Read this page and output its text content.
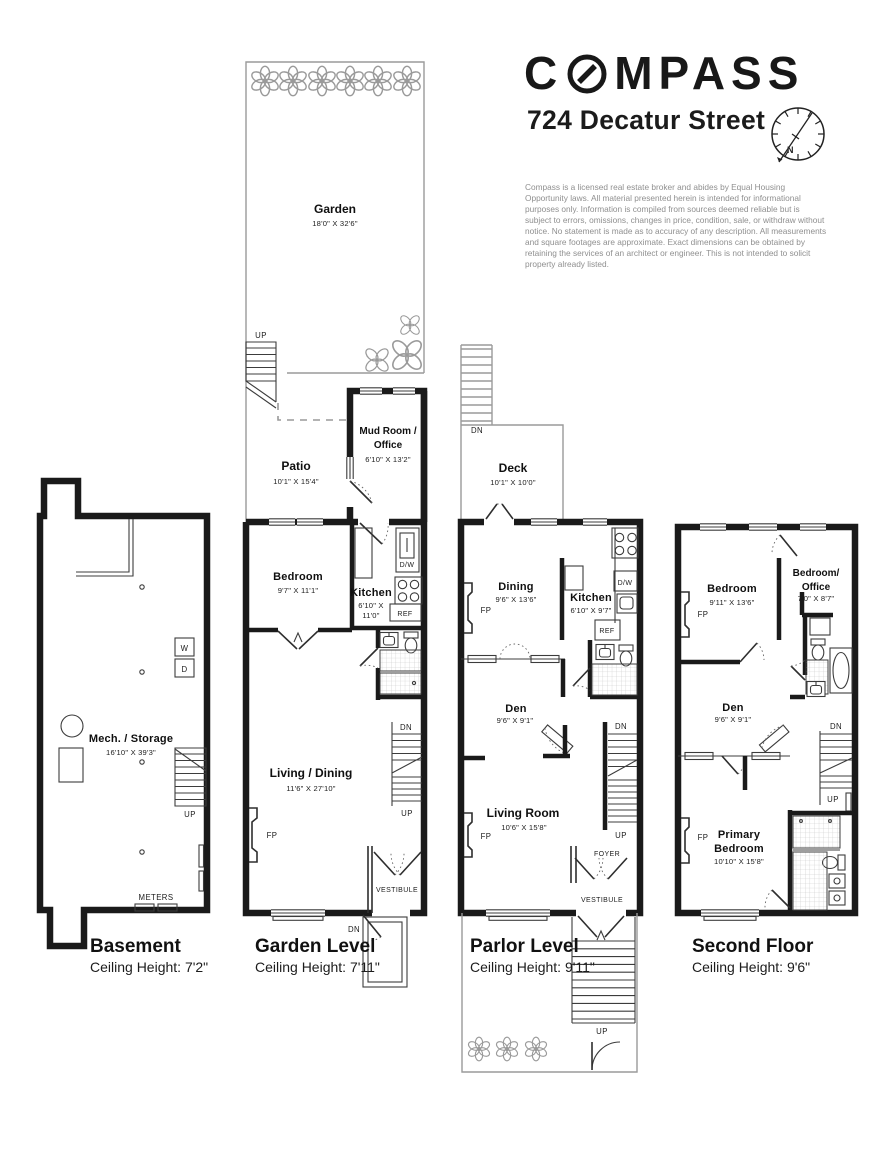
C MPASS
724 Decatur Street
N

Compass is a licensed real estate broker and abides by Equal Housing Opportunity laws. All material presented herein is intended for informational purposes only. Information is compiled from sources deemed reliable but is subject to errors, omissions, changes in price, condition, sale, or withdraw without notice. No statement is made as to accuracy of any description. All measurements and square footages are approximate. Exact dimensions can be obtained by retaining the services of an architect or engineer. This is not intended to solicit property already listed.

W
D
Mech. / Storage
16'10" X 39'3"
UP
METERS
Basement
Ceiling Height: 7'2"
Garden
18'0" X 32'6"
UP
Patio
10'1" X 15'4"
Bedroom
9'7" X 11'1"
Mud Room /
Office
6'10" X 13'2"
D/W
REF
Kitchen
6'10" X
11'0"
DN
UP
Living / Dining
11'6" X 27'10"
FP
VESTIBULE
DN
Garden Level
Ceiling Height: 7'11"
DN
Deck
10'1" X 10'0"
D/W
REF
Kitchen
6'10" X 9'7"
FP
Dining
9'6" X 13'6"
Den
9'6" X 9'1"
Living Room
10'6" X 15'8"
FP
DN
UP
FOYER
VESTIBULE
UP
Parlor Level
Ceiling Height: 9'11"
Bedroom
9'11" X 13'6"
FP
Bedroom/
Office
7'0" X 8'7"
Den
9'6" X 9'1"
DN
UP
Primary
Bedroom
10'10" X 15'8"
FP
Second Floor
Ceiling Height: 9'6"
